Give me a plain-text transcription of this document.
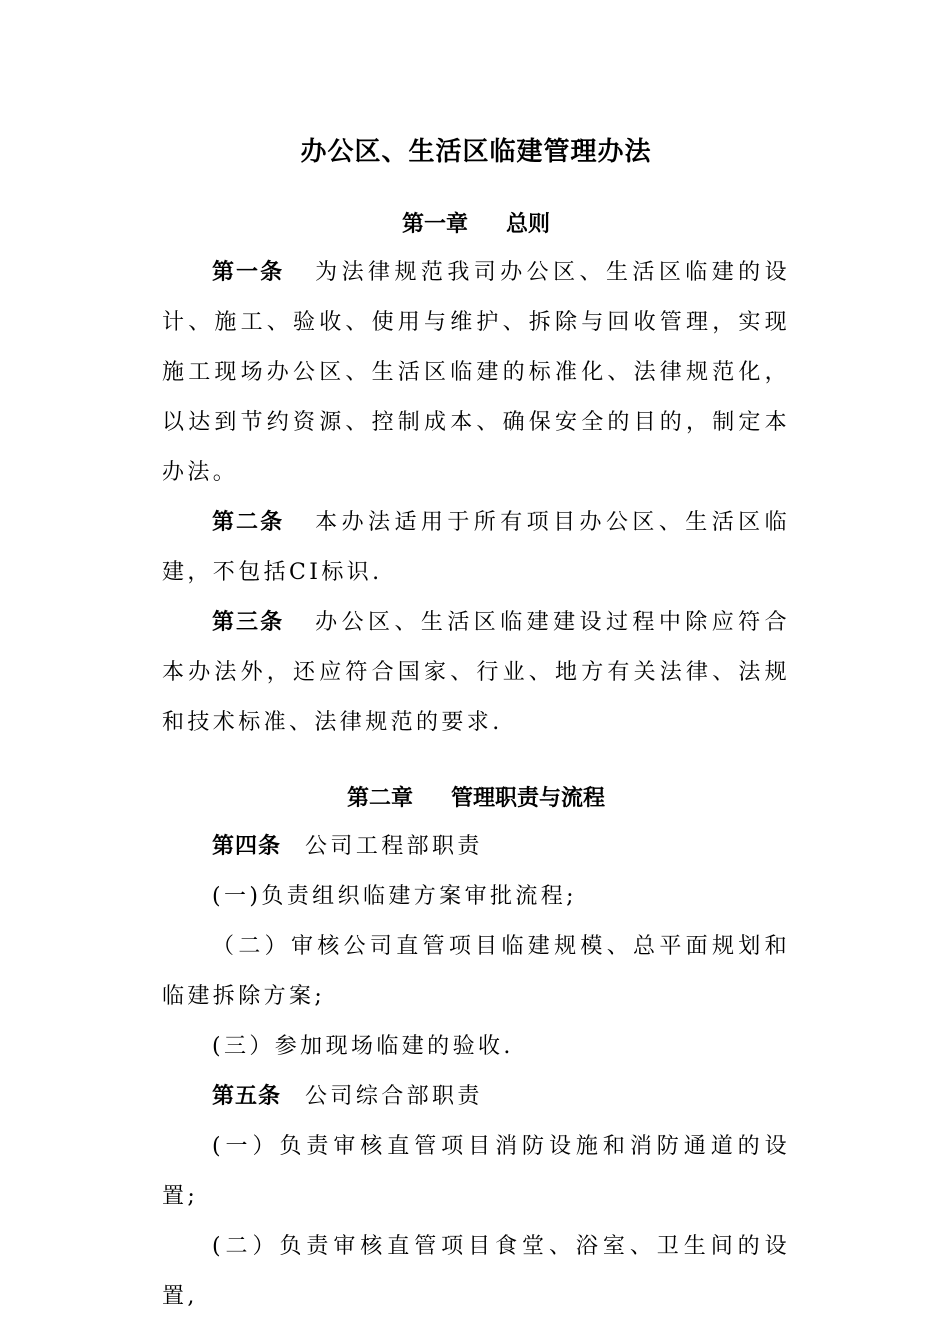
办公区、生活区临建管理办法
第一章 总则

第一条 为法律规范我司办公区、生活区临建的设计、施工、验收、使用与维护、拆除与回收管理，实现施工现场办公区、生活区临建的标准化、法律规范化，以达到节约资源、控制成本、确保安全的目的，制定本办法。

第二条 本办法适用于所有项目办公区、生活区临建，不包括CI标识.

第三条 办公区、生活区临建建设过程中除应符合本办法外，还应符合国家、行业、地方有关法律、法规和技术标准、法律规范的要求.

第二章 管理职责与流程

第四条 公司工程部职责

(一)负责组织临建方案审批流程;

（二）审核公司直管项目临建规模、总平面规划和临建拆除方案;

(三）参加现场临建的验收.

第五条 公司综合部职责

(一）负责审核直管项目消防设施和消防通道的设置;

(二）负责审核直管项目食堂、浴室、卫生间的设置,
